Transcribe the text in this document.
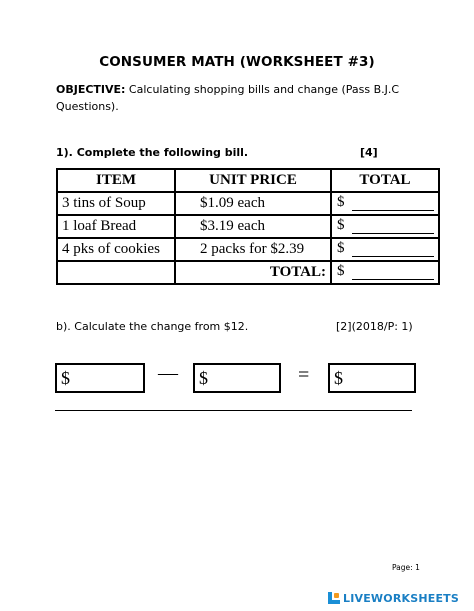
CONSUMER MATH (WORKSHEET #3)
OBJECTIVE: Calculating shopping bills and change (Pass B.J.C Questions).
1). Complete the following bill.	[4]
ITEM	UNIT PRICE	TOTAL
3 tins of Soup	$1.09 each	$

1 loaf Bread	$3.19 each	$

4 pks of cookies	2 packs for $2.39	$

	TOTAL:	$
b). Calculate the change from $12.	[2](2018/P: 1)
$	—	$	=	$
Page: 1
LIVEWORKSHEETS
